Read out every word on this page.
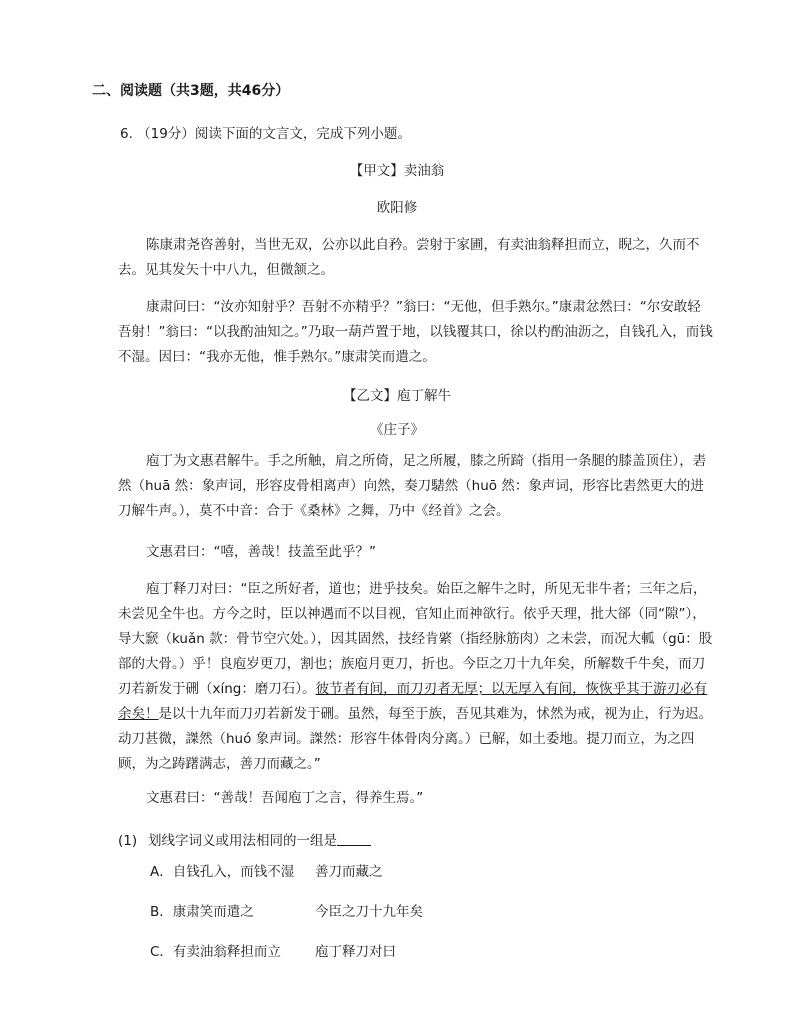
二、阅读题（共3题，共46分）
6. （19分）阅读下面的文言文，完成下列小题。
【甲文】卖油翁
欧阳修
陈康肃尧咨善射，当世无双，公亦以此自矜。尝射于家圃，有卖油翁释担而立，睨之，久而不去。见其发矢十中八九，但微颔之。
康肃问曰：“汝亦知射乎？吾射不亦精乎？”翁曰：“无他，但手熟尔。”康肃忿然曰：“尔安敢轻吾射！”翁曰：“以我酌油知之。”乃取一葫芦置于地，以钱覆其口，徐以杓酌油沥之，自钱孔入，而钱不湿。因曰：“我亦无他，惟手熟尔。”康肃笑而遣之。
【乙文】庖丁解牛
《庄子》
庖丁为文惠君解牛。手之所触，肩之所倚，足之所履，膝之所踦（指用一条腿的膝盖顶住），砉然（huā 然：象声词，形容皮骨相离声）向然，奏刀騞然（huō 然：象声词，形容比砉然更大的进刀解牛声。），莫不中音：合于《桑林》之舞，乃中《经首》之会。
文惠君曰：“嘻，善哉！技盖至此乎？”
庖丁释刀对曰：“臣之所好者，道也；进乎技矣。始臣之解牛之时，所见无非牛者；三年之后，未尝见全牛也。方今之时，臣以神遇而不以目视，官知止而神欲行。依乎天理，批大郤（同“隙”），导大窾（kuǎn 款：骨节空穴处。），因其固然，技经肯綮（指经脉筋肉）之未尝，而况大軱（gū：股部的大骨。）乎！良庖岁更刀，割也；族庖月更刀，折也。今臣之刀十九年矣，所解数千牛矣，而刀刃若新发于硎（xíng：磨刀石）。彼节者有间，而刀刃者无厚；以无厚入有间，恢恢乎其于游刃必有余矣！是以十九年而刀刃若新发于硎。虽然，每至于族，吾见其难为，怵然为戒，视为止，行为迟。动刀甚微，謋然（huó 象声词。謋然：形容牛体骨肉分离。）已解，如土委地。提刀而立，为之四顾，为之踌躇满志，善刀而藏之。”
文惠君曰：“善哉！吾闻庖丁之言，得养生焉。”
(1) 划线字词义或用法相同的一组是
A．自钱孔入，而钱不湿 善刀而藏之
B．康肃笑而遣之	今臣之刀十九年矣
C．有卖油翁释担而立	庖丁释刀对曰
